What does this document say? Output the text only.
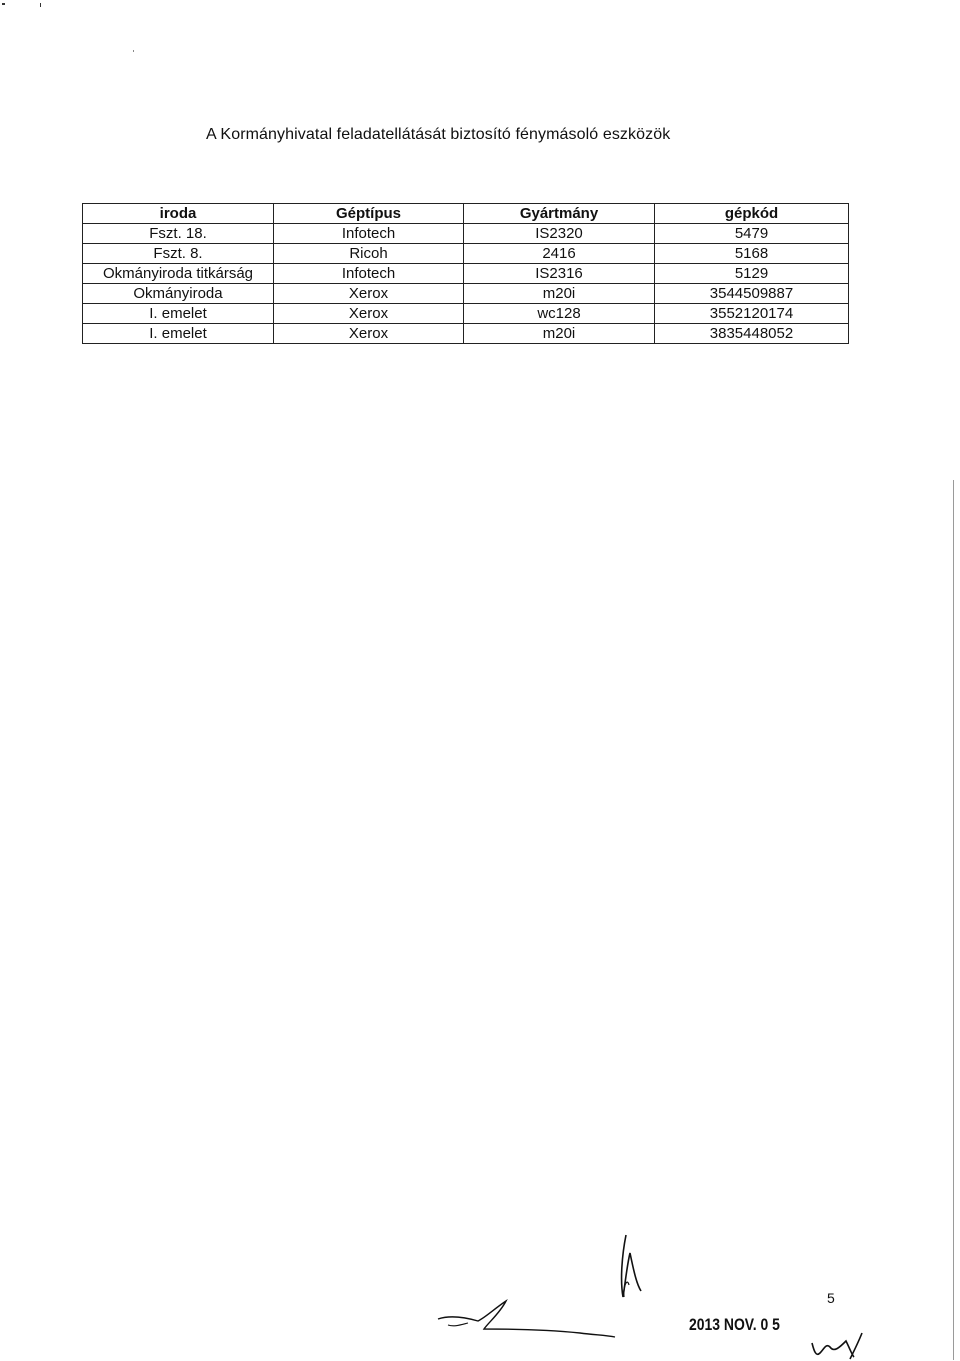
A Kormányhivatal feladatellátását biztosító fénymásoló eszközök
iroda	Géptípus	Gyártmány	gépkód
Fszt. 18.	Infotech	IS2320	5479
Fszt. 8.	Ricoh	2416	5168
Okmányiroda titkárság	Infotech	IS2316	5129
Okmányiroda	Xerox	m20i	3544509887
I. emelet	Xerox	wc128	3552120174
I. emelet	Xerox	m20i	3835448052
5
2013 NOV. 0 5
